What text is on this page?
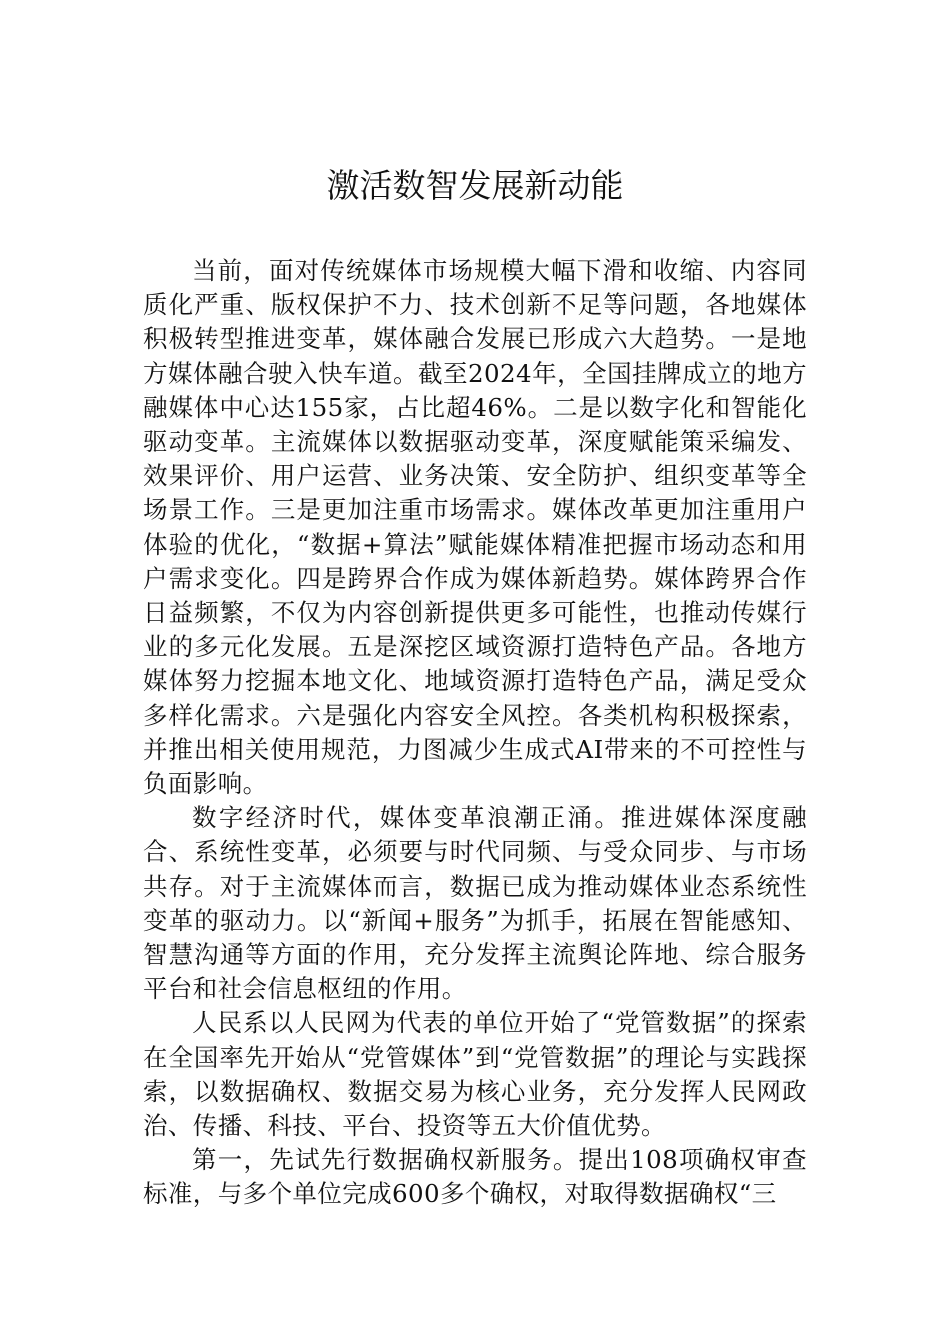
激活数智发展新动能

当前，面对传统媒体市场规模大幅下滑和收缩、内容同质化严重、版权保护不力、技术创新不足等问题，各地媒体积极转型推进变革，媒体融合发展已形成六大趋势。一是地方媒体融合驶入快车道。截至2024年，全国挂牌成立的地方融媒体中心达155家，占比超46%。二是以数字化和智能化驱动变革。主流媒体以数据驱动变革，深度赋能策采编发、效果评价、用户运营、业务决策、安全防护、组织变革等全场景工作。三是更加注重市场需求。媒体改革更加注重用户体验的优化，“数据+算法”赋能媒体精准把握市场动态和用户需求变化。四是跨界合作成为媒体新趋势。媒体跨界合作日益频繁，不仅为内容创新提供更多可能性，也推动传媒行业的多元化发展。五是深挖区域资源打造特色产品。各地方媒体努力挖掘本地文化、地域资源打造特色产品，满足受众多样化需求。六是强化内容安全风控。各类机构积极探索，并推出相关使用规范，力图减少生成式AI带来的不可控性与负面影响。

数字经济时代，媒体变革浪潮正涌。推进媒体深度融合、系统性变革，必须要与时代同频、与受众同步、与市场共存。对于主流媒体而言，数据已成为推动媒体业态系统性变革的驱动力。以“新闻+服务”为抓手，拓展在智能感知、智慧沟通等方面的作用，充分发挥主流舆论阵地、综合服务平台和社会信息枢纽的作用。

人民系以人民网为代表的单位开始了“党管数据”的探索在全国率先开始从“党管媒体”到“党管数据”的理论与实践探索，以数据确权、数据交易为核心业务，充分发挥人民网政治、传播、科技、平台、投资等五大价值优势。

第一，先试先行数据确权新服务。提出108项确权审查标准，与多个单位完成600多个确权，对取得数据确权“三
